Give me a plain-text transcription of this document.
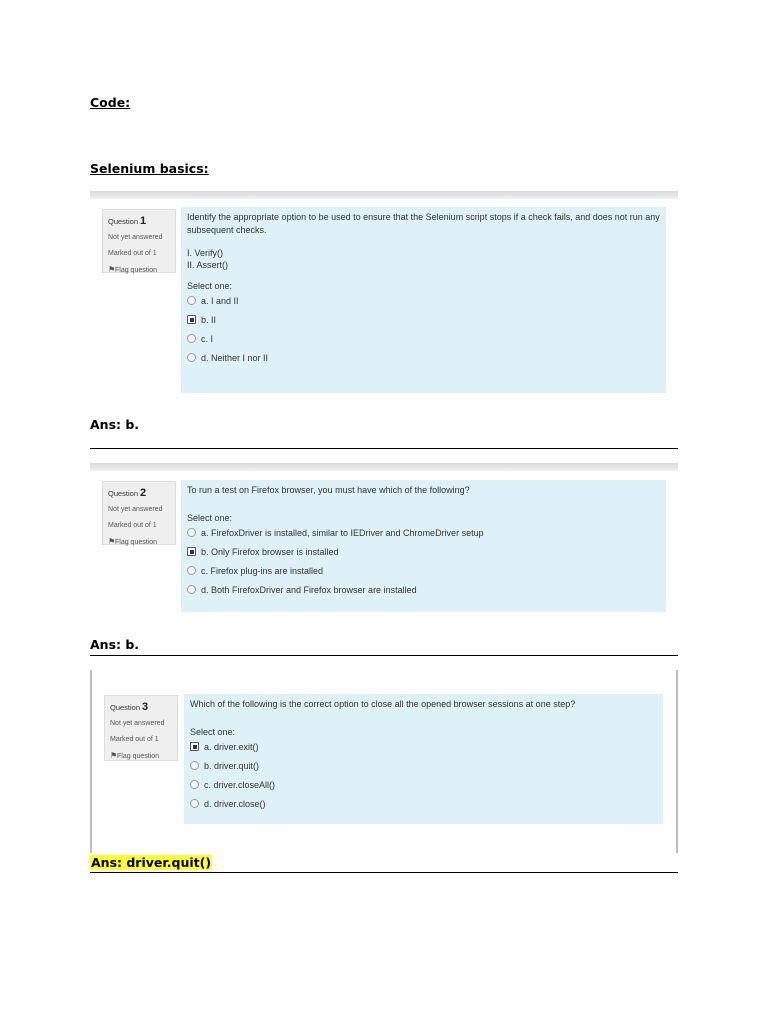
Code:
Selenium basics:
Question 1
Not yet answered
Marked out of 1
⚑Flag question
Identify the appropriate option to be used to ensure that the Selenium script stops if a check fails, and does not run any subsequent checks.
I. Verify()
II. Assert()
Select one:
a. I and II
b. II
c. I
d. Neither I nor II
Ans: b.
Question 2
Not yet answered
Marked out of 1
⚑Flag question
To run a test on Firefox browser, you must have which of the following?
Select one:
a. FirefoxDriver is installed, similar to IEDriver and ChromeDriver setup
b. Only Firefox browser is installed
c. Firefox plug-ins are installed
d. Both FirefoxDriver and Firefox browser are installed
Ans: b.
Question 3
Not yet answered
Marked out of 1
⚑Flag question
Which of the following is the correct option to close all the opened browser sessions at one step?
Select one:
a. driver.exit()
b. driver.quit()
c. driver.closeAll()
d. driver.close()
Ans: driver.quit()
